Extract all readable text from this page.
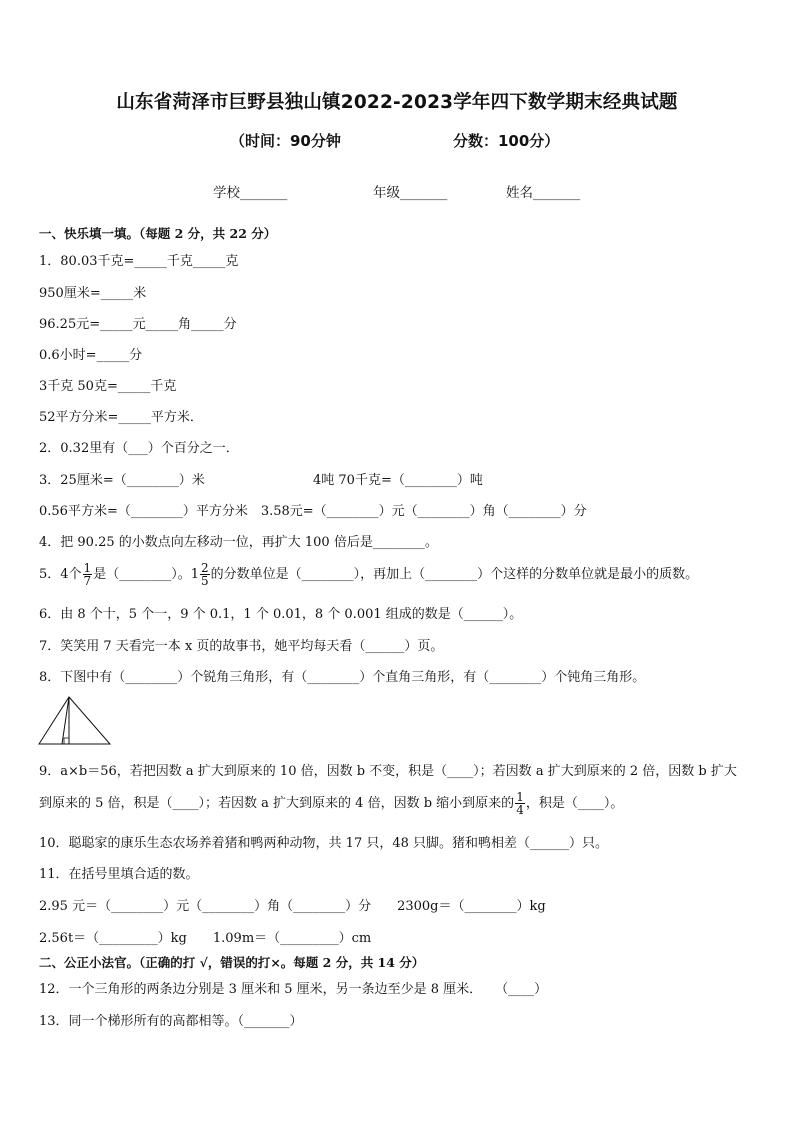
山东省菏泽市巨野县独山镇2022-2023学年四下数学期末经典试题
（时间：90分钟	分数：100分）
学校_______	年级_______	姓名_______
一、快乐填一填。（每题 2 分，共 22 分）
1．80.03千克=_____千克_____克
950厘米=_____米
96.25元=_____元_____角_____分
0.6小时=_____分
3千克 50克=_____千克
52平方分米=_____平方米．
2．0.32里有（___）个百分之一．
3．25厘米=（________）米	4吨 70千克=（________）吨
0.56平方米=（________）平方分米　3.58元=（________）元（________）角（________）分
4．把 90.25 的小数点向左移动一位，再扩大 100 倍后是________。
5．4个 $\frac{1}{7}$ 是（________）。$1 \frac{2}{5}$ 的分数单位是（________），再加上（________）个这样的分数单位就是最小的质数。
6．由 8 个十，5 个一，9 个 0.1，1 个 0.01，8 个 0.001 组成的数是（______）。
7．笑笑用 7 天看完一本 x 页的故事书，她平均每天看（______）页。
8．下图中有（________）个锐角三角形，有（________）个直角三角形，有（________）个钝角三角形。
9．a×b＝56，若把因数 a 扩大到原来的 10 倍，因数 b 不变，积是（____）；若因数 a 扩大到原来的 2 倍，因数 b 扩大
到原来的 5 倍，积是（____）；若因数 a 扩大到原来的 4 倍，因数 b 缩小到原来的 $\frac{1}{4}$ ，积是（____）。
10．聪聪家的康乐生态农场养着猪和鸭两种动物，共 17 只，48 只脚。猪和鸭相差（______）只。
11．在括号里填合适的数。
2.95 元＝（________）元（________）角（________）分　　2300g＝（________）kg
2.56t＝（_________）kg　　1.09m＝（_________）cm
二、公正小法官。（正确的打 √，错误的打×。每题 2 分，共 14 分）
12．一个三角形的两条边分别是 3 厘米和 5 厘米，另一条边至少是 8 厘米．　　（____）
13．同一个梯形所有的高都相等。（_______）
